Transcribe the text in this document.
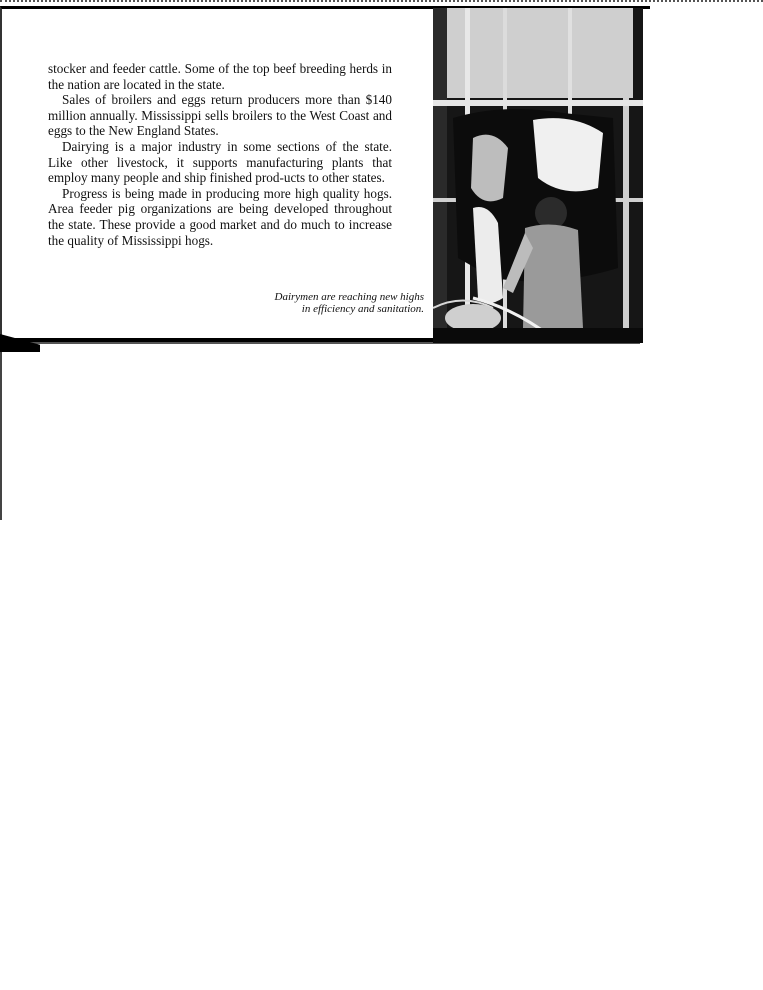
stocker and feeder cattle. Some of the top beef breeding herds in the nation are located in the state.

Sales of broilers and eggs return producers more than $140 million annually. Mississippi sells broilers to the West Coast and eggs to the New England States.

Dairying is a major industry in some sections of the state. Like other livestock, it supports manufacturing plants that employ many people and ship finished prod-ucts to other states.

Progress is being made in producing more high quality hogs. Area feeder pig organizations are being developed throughout the state. These provide a good market and do much to increase the quality of Mississippi hogs.

Dairymen are reaching new highs
in efficiency and sanitation.
